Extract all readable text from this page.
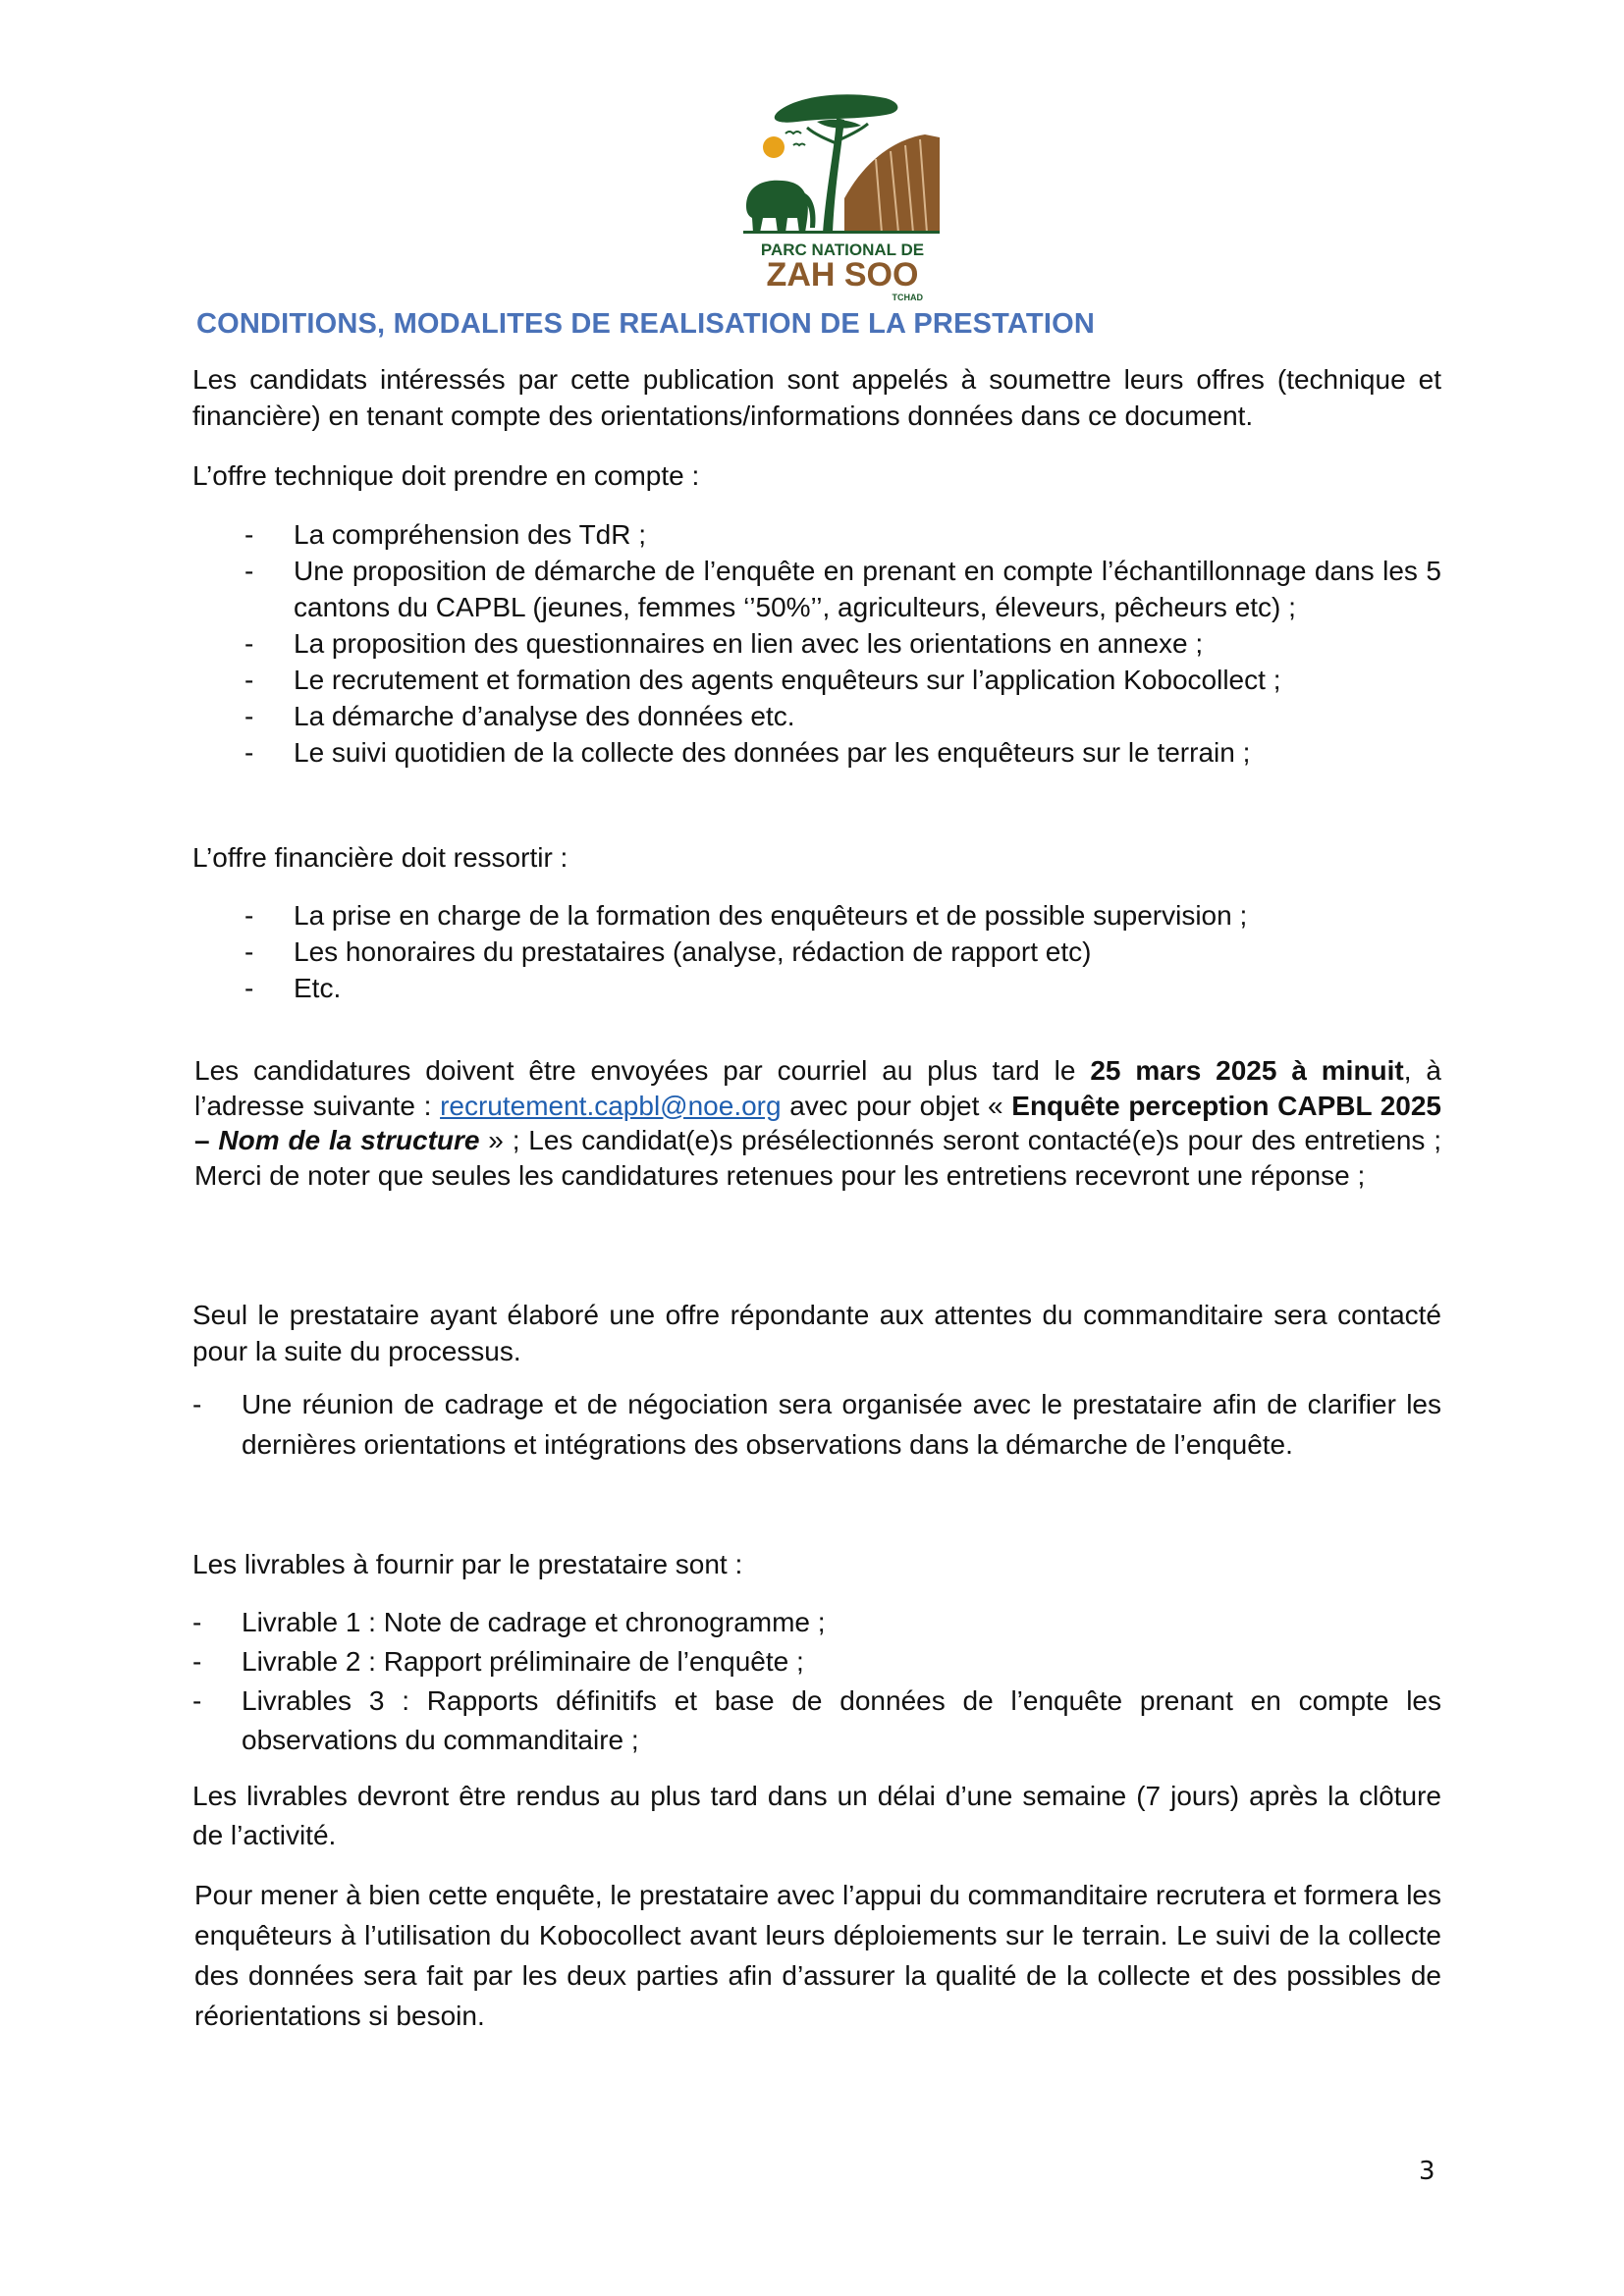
PARC NATIONAL DE
ZAH SOO
TCHAD
CONDITIONS, MODALITES DE REALISATION DE LA PRESTATION
Les candidats intéressés par cette publication sont appelés à soumettre leurs offres (technique et financière) en tenant compte des orientations/informations données dans ce document.
L’offre technique doit prendre en compte :
- La compréhension des TdR ;
- Une proposition de démarche de l’enquête en prenant en compte l’échantillonnage dans les 5 cantons du CAPBL (jeunes, femmes ‘’50%’’, agriculteurs, éleveurs, pêcheurs etc) ;
- La proposition des questionnaires en lien avec les orientations en annexe ;
- Le recrutement et formation des agents enquêteurs sur l’application Kobocollect ;
- La démarche d’analyse des données etc.
- Le suivi quotidien de la collecte des données par les enquêteurs sur le terrain ;
L’offre financière doit ressortir :
- La prise en charge de la formation des enquêteurs et de possible supervision ;
- Les honoraires du prestataires (analyse, rédaction de rapport etc)
- Etc.
Les candidatures doivent être envoyées par courriel au plus tard le 25 mars 2025 à minuit, à l’adresse suivante : recrutement.capbl@noe.org avec pour objet « Enquête perception CAPBL 2025 – Nom de la structure » ; Les candidat(e)s présélectionnés seront contacté(e)s pour des entretiens ; Merci de noter que seules les candidatures retenues pour les entretiens recevront une réponse ;
Seul le prestataire ayant élaboré une offre répondante aux attentes du commanditaire sera contacté pour la suite du processus.
- Une réunion de cadrage et de négociation sera organisée avec le prestataire afin de clarifier les dernières orientations et intégrations des observations dans la démarche de l’enquête.
Les livrables à fournir par le prestataire sont :
- Livrable 1 : Note de cadrage et chronogramme ;
- Livrable 2 : Rapport préliminaire de l’enquête ;
- Livrables 3 : Rapports définitifs et base de données de l’enquête prenant en compte les observations du commanditaire ;
Les livrables devront être rendus au plus tard dans un délai d’une semaine (7 jours) après la clôture de l’activité.
Pour mener à bien cette enquête, le prestataire avec l’appui du commanditaire recrutera et formera les enquêteurs à l’utilisation du Kobocollect avant leurs déploiements sur le terrain. Le suivi de la collecte des données sera fait par les deux parties afin d’assurer la qualité de la collecte et des possibles de réorientations si besoin.
3
